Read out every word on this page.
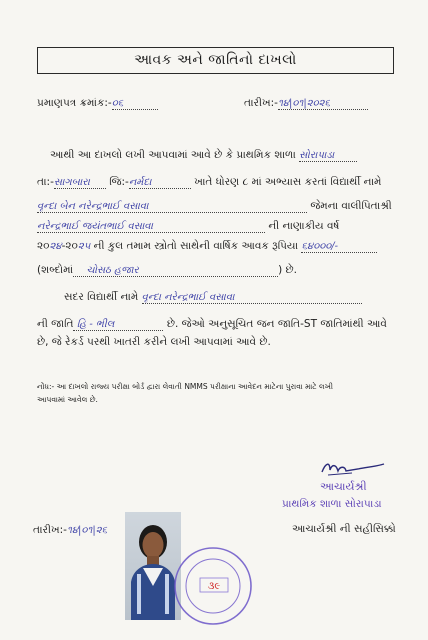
આવક અને જાતિનો દાખલો
પ્રમાણપત્ર ક્રમાંક:-૦૬	તારીખ:-૧૪|૦૧|૨૦૨૬
આથી આ દાખલો લખી આપવામાં આવે છે કે પ્રાથમિક શાળા સોરાપાડા
તા:-સાગબારા જિ:-નર્મદા	ખાતે ધોરણ ૮ માં અભ્યાસ કરતાં વિદ્યાર્થી નામે
વૃન્દા બેન નરેન્દ્રભાઈ વસાવા	જેમના વાલીપિતાશ્રી
નરેન્દ્રભાઈ જયંતભાઈ વસાવા	ની નાણાકીય વર્ષ
૨૦૨૪-૨૦૨૫ ની કુલ તમામ સ્ત્રોતો સાથેની વાર્ષિક આવક રૂપિયા ૬૪૦૦૦/-
(શબ્દોમાં ચોસઠ હજાર	) છે.
સદર વિદ્યાર્થી નામે વૃન્દા નરેન્દ્રભાઈ વસાવા
ની જાતિ હિ - ભીલ	છે. જેઓ અનુસૂચિત જન જાતિ-ST જાતિમાંથી આવે
છે, જે રેકર્ડ પરથી ખાતરી કરીને લખી આપવામાં આવે છે.
નોંધ:- આ દાખલો રાજ્ય પરીક્ષા બોર્ડ દ્વારા લેવાતી NMMS પરીક્ષાના આવેદન માટેના પુરાવા માટે લખી
આપવામાં આવેલ છે.
આચાર્યશ્રી
પ્રાથમિક શાળા સોરાપાડા
આચાર્યશ્રી ની સહીસિક્કો
તારીખ:-૧૪|૦૧|૨૬
૩૯
